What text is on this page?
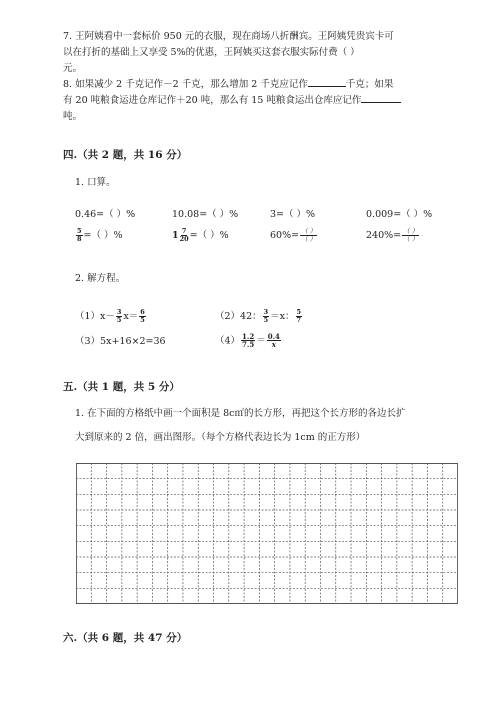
7. 王阿姨看中一套标价 950 元的衣服，现在商场八折酬宾。王阿姨凭贵宾卡可
以在打折的基础上又享受 5%的优惠，王阿姨买这套衣服实际付费（ ）
元。
8. 如果减少 2 千克记作－2 千克，那么增加 2 千克应记作	千克；如果
有 20 吨粮食运进仓库记作＋20 吨，那么有 15 吨粮食运出仓库应记作
吨。
四.（共 2 题，共 16 分）
1. 口算。
0.46=（ ）%	10.08=（ ）%	3=（ ）%	0.009=（ ）%
$\frac{5}{8}$ =（ ）%	$1 \frac{7}{20}$ =（ ）%	$60\%= \frac{( )}{( )}$	$240\%= \frac{( )}{( )}$
2. 解方程。
$(1)x- \frac{3}{5} x= \frac{6}{5}$	（2）42： $\frac{3}{5} =x$： $\frac{5}{7}$
（3）5x+16×2=36	$(4) \frac{1.2}{7.5} = \frac{0.4}{x}$
五.（共 1 题，共 5 分）
1. 在下面的方格纸中画一个面积是 8c㎡的长方形，再把这个长方形的各边长扩
大到原来的 2 倍，画出图形。（每个方格代表边长为 1cm 的正方形）
六.（共 6 题，共 47 分）
